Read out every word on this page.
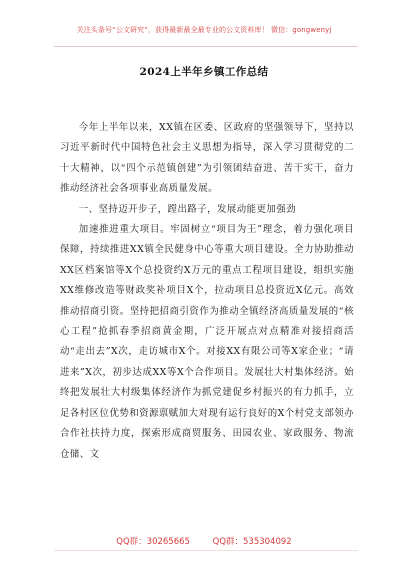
关注头条号“公文研究”，获得最新最全最专业的公文资料库！ 微信：gongwenyj
2024上半年乡镇工作总结

今年上半年以来，XX镇在区委、区政府的坚强领导下，坚持以习近平新时代中国特色社会主义思想为指导，深入学习贯彻党的二十大精神，以“四个示范镇创建”为引领团结奋进、苦干实干，奋力推动经济社会各项事业高质量发展。

一、坚持迈开步子，蹚出路子，发展动能更加强劲

加速推进重大项目。牢固树立“项目为王”理念，着力强化项目保障，持续推进XX镇全民健身中心等重大项目建设。全力协助推动XX区档案馆等X个总投资约X万元的重点工程项目建设，组织实施XX维修改造等财政奖补项目X个，拉动项目总投资近X亿元。高效推动招商引资。坚持把招商引资作为推动全镇经济高质量发展的“核心工程”抢抓春季招商黄金期，广泛开展点对点精准对接招商活动“走出去”X次，走访城市X个。对接XX有限公司等X家企业；“请进来”X次，初步达成XX等X个合作项目。发展壮大村集体经济。始终把发展壮大村级集体经济作为抓党建促乡村振兴的有力抓手，立足各村区位优势和资源禀赋加大对现有运行良好的X个村党支部领办合作社扶持力度，探索形成商贸服务、田园农业、家政服务、物流仓储、文

QQ群：30265665	QQ群：535304092
